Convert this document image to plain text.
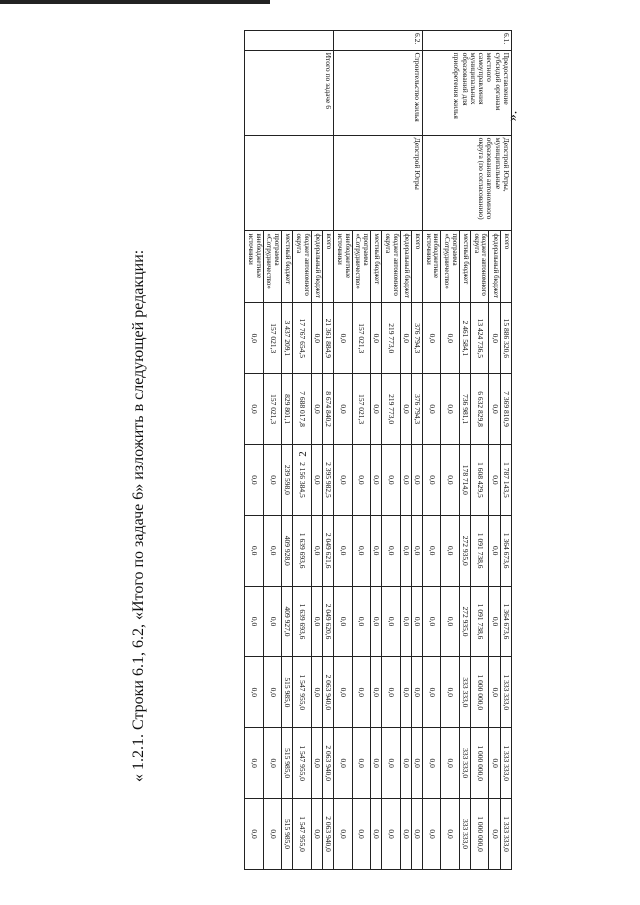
2
« 1.2.1. Строки 6.1, 6.2, «Итого по задаче 6» изложить в следующей редакции:
».
6.1.	Предоставление субсидий органам местного самоуправления муниципальных образований для приобретения жилья	Депстрой Югры, муниципальные образования автономного округа (по согласованию)	всего	15 886 320,6	7 369 810,9	1 787 143,5	1 364 673,6	1 364 673,6	1 333 333,0	1 333 333,0	1 333 333,0
			федеральный бюджет	0,0	0,0	0,0	0,0	0,0	0,0	0,0	0,0
			бюджет автономного округа	13 424 736,5	6 632 829,8	1 608 429,5	1 091 738,6	1 091 738,6	1 000 000,0	1 000 000,0	1 000 000,0
			местный бюджет	2 461 584,1	736 981,1	178 714,0	272 935,0	272 935,0	333 333,0	333 333,0	333 333,0
			программа «Сотрудничество»	0,0	0,0	0,0	0,0	0,0	0,0	0,0	0,0
			внебюджетные источники	0,0	0,0	0,0	0,0	0,0	0,0	0,0	0,0
6.2.	Строительство жилья	Депстрой Югры	всего	376 794,3	376 794,3	0,0	0,0	0,0	0,0	0,0	0,0
			федеральный бюджет	0,0	0,0	0,0	0,0	0,0	0,0	0,0	0,0
			бюджет автономного округа	219 773,0	219 773,0	0,0	0,0	0,0	0,0	0,0	0,0
			местный бюджет	0,0	0,0	0,0	0,0	0,0	0,0	0,0	0,0
			программа «Сотрудничество»	157 021,3	157 021,3	0,0	0,0	0,0	0,0	0,0	0,0
			внебюджетные источники	0,0	0,0	0,0	0,0	0,0	0,0	0,0	0,0
	Итого по задаче 6		всего	21 361 884,9	8 674 840,2	2 395 982,5	2 049 621,6	2 049 620,6	2 063 940,0	2 063 940,0	2 063 940,0
			федеральный бюджет	0,0	0,0	0,0	0,0	0,0	0,0	0,0	0,0
			бюджет автономного округа	17 767 654,5	7 688 017,8	2 156 384,5	1 639 693,6	1 639 693,6	1 547 955,0	1 547 955,0	1 547 955,0
			местный бюджет	3 437 209,1	829 801,1	239 598,0	409 928,0	409 927,0	515 985,0	515 985,0	515 985,0
			программа «Сотрудничество»	157 021,3	157 021,3	0,0	0,0	0,0	0,0	0,0	0,0
			внебюджетные источники	0,0	0,0	0,0	0,0	0,0	0,0	0,0	0,0
